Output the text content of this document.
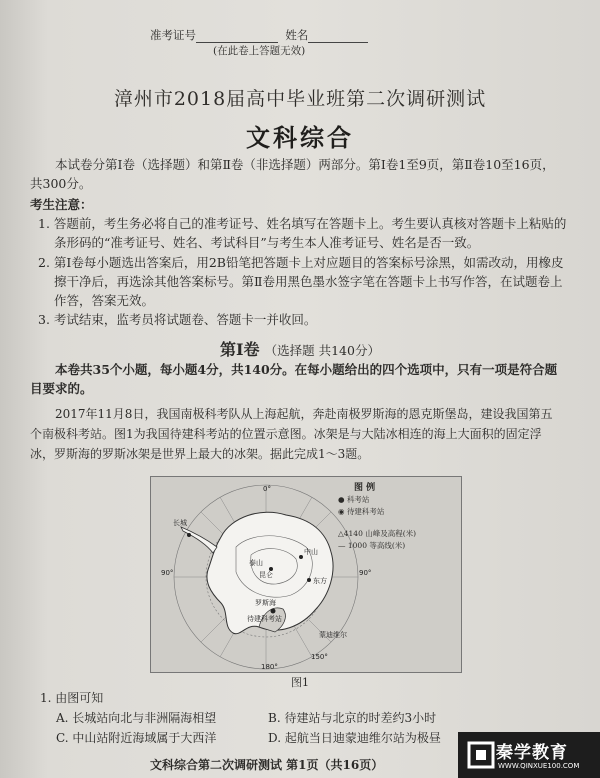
准考证号	姓名
(在此卷上答题无效)
漳州市2018届高中毕业班第二次调研测试
文科综合
本试卷分第Ⅰ卷（选择题）和第Ⅱ卷（非选择题）两部分。第Ⅰ卷1至9页，第Ⅱ卷10至16页，共300分。
考生注意：
1. 答题前，考生务必将自己的准考证号、姓名填写在答题卡上。考生要认真核对答题卡上粘贴的条形码的“准考证号、姓名、考试科目”与考生本人准考证号、姓名是否一致。
2. 第Ⅰ卷每小题选出答案后，用2B铅笔把答题卡上对应题目的答案标号涂黑，如需改动，用橡皮擦干净后，再选涂其他答案标号。第Ⅱ卷用黑色墨水签字笔在答题卡上书写作答，在试题卷上作答，答案无效。
3. 考试结束，监考员将试题卷、答题卡一并收回。
第Ⅰ卷 （选择题 共140分）
本卷共35个小题，每小题4分，共140分。在每小题给出的四个选项中，只有一项是符合题目要求的。
2017年11月8日，我国南极科考队从上海起航，奔赴南极罗斯海的恩克斯堡岛，建设我国第五个南极科考站。图1为我国待建科考站的位置示意图。冰架是与大陆冰相连的海上大面积的固定浮冰，罗斯海的罗斯冰架是世界上最大的冰架。据此完成1～3题。
泰山
昆仑
长城
中山
东方
罗斯海
待建科考站
90°	90°
180°
0°
150°
蒙迪维尔
图 例
● 科考站
◉ 待建科考站
△4140 山峰及高程(米)
— 1000 等高线(米)
图1
1. 由图可知
A. 长城站向北与非洲隔海相望	B. 待建站与北京的时差约3小时
C. 中山站附近海域属于大西洋	D. 起航当日迪蒙迪维尔站为极昼
文科综合第二次调研测试 第1页（共16页）
秦学教育
WWW.QINXUE100.COM
